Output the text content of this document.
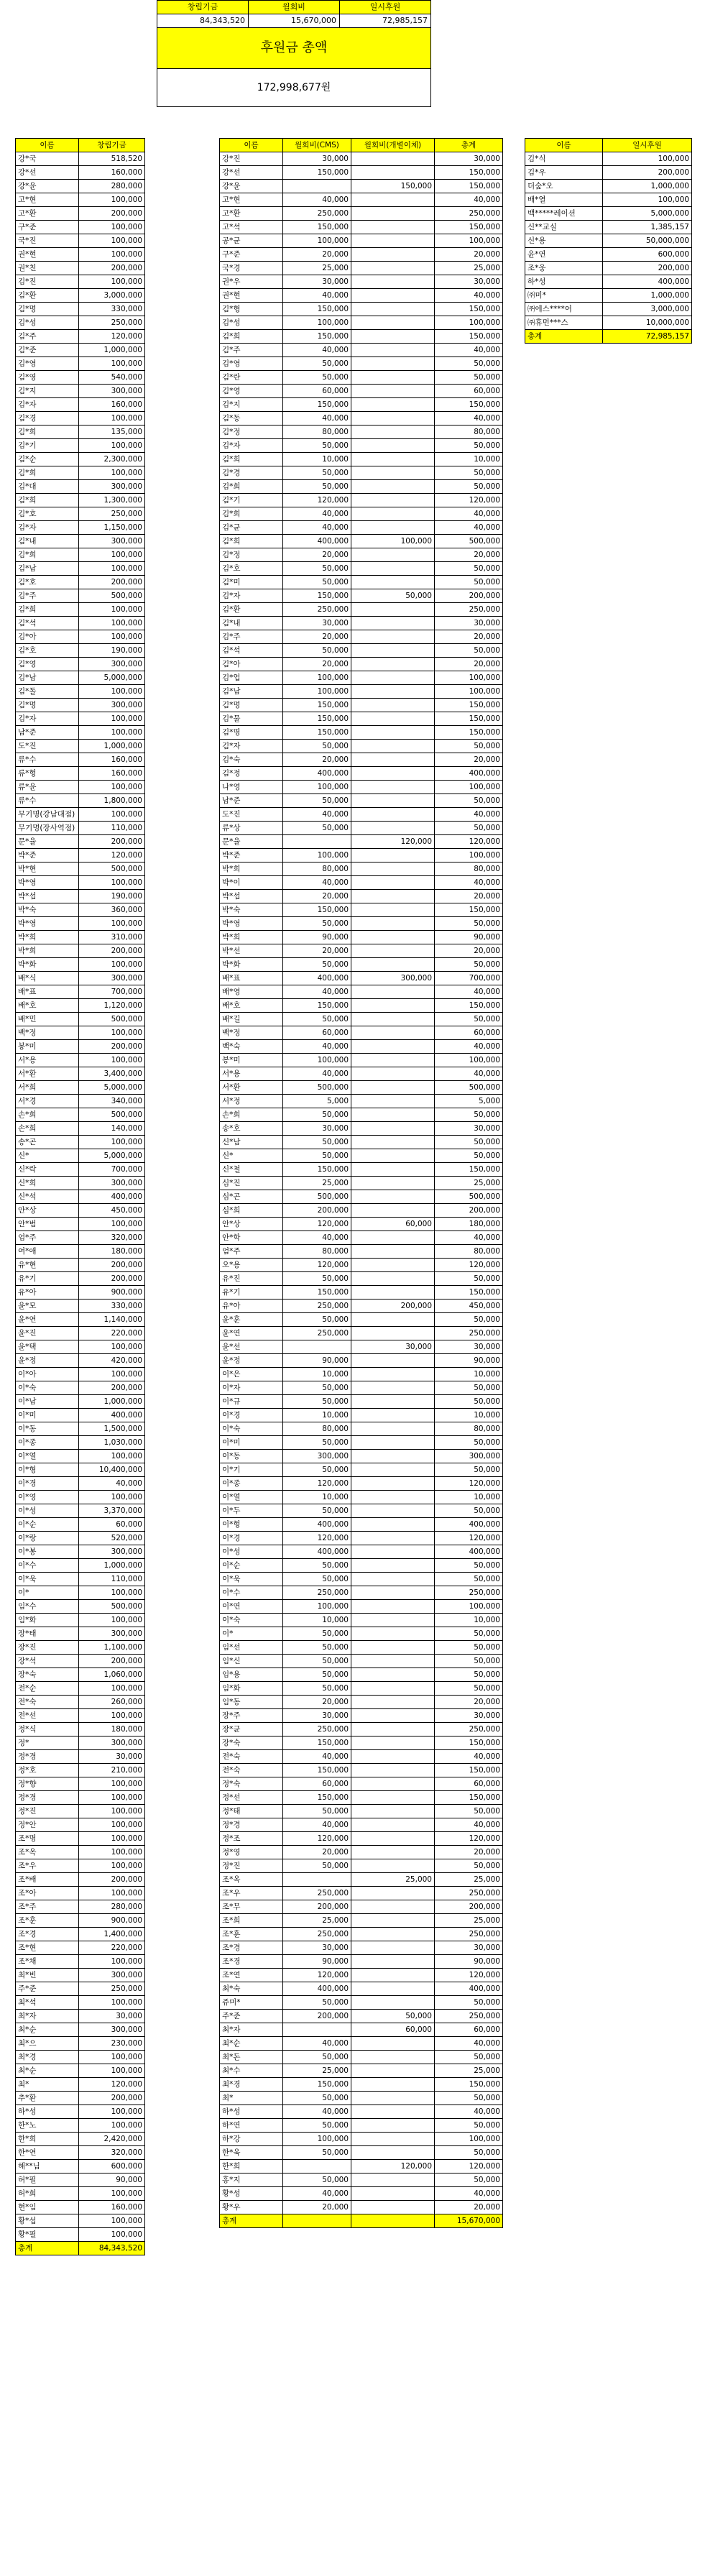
창립기금	월회비	일시후원
84,343,520	15,670,000	72,985,157
후원금 총액		
172,998,677원		
이름	창립기금
강*국	518,520
강*선	160,000
강*윤	280,000
고*현	100,000
고*환	200,000
구*준	100,000
국*진	100,000
권*현	100,000
권*친	200,000
김*진	100,000
김*환	3,000,000
김*명	330,000
김*성	250,000
김*주	120,000
김*준	1,000,000
김*영	100,000
김*영	540,000
김*지	300,000
김*자	160,000
김*경	100,000
김*희	135,000
김*기	100,000
김*순	2,300,000
김*희	100,000
김*대	300,000
김*희	1,300,000
김*호	250,000
김*자	1,150,000
김*내	300,000
김*희	100,000
김*남	100,000
김*호	200,000
김*주	500,000
김*희	100,000
김*석	100,000
김*아	100,000
김*호	190,000
김*영	300,000
김*남	5,000,000
김*돌	100,000
김*명	300,000
김*자	100,000
남*준	100,000
도*진	1,000,000
류*수	160,000
류*형	160,000
류*윤	100,000
류*수	1,800,000
무기명(강남대점)	100,000
무기명(장사역점)	110,000
문*율	200,000
박*준	120,000
박*현	500,000
박*영	100,000
박*섭	190,000
박*숙	360,000
박*영	100,000
박*희	310,000
박*희	200,000
박*화	100,000
배*식	300,000
배*표	700,000
배*호	1,120,000
배*민	500,000
백*정	100,000
봉*미	200,000
서*용	100,000
서*환	3,400,000
서*희	5,000,000
서*경	340,000
손*희	500,000
손*희	140,000
송*곤	100,000
신*	5,000,000
신*락	700,000
신*희	300,000
신*석	400,000
안*상	450,000
안*범	100,000
엄*주	320,000
여*애	180,000
유*현	200,000
유*기	200,000
유*아	900,000
윤*모	330,000
윤*연	1,140,000
윤*진	220,000
윤*택	100,000
윤*정	420,000
이*아	100,000
이*숙	200,000
이*남	1,000,000
이*미	400,000
이*동	1,500,000
이*종	1,030,000
이*열	100,000
이*형	10,400,000
이*경	40,000
이*영	100,000
이*성	3,370,000
이*순	60,000
이*랑	520,000
이*봉	300,000
이*수	1,000,000
이*욱	110,000
이*	100,000
임*수	500,000
임*화	100,000
장*태	300,000
장*진	1,100,000
장*석	200,000
장*숙	1,060,000
전*순	100,000
전*숙	260,000
전*선	100,000
정*식	180,000
정*	300,000
정*경	30,000
정*호	210,000
정*향	100,000
정*경	100,000
정*진	100,000
정*안	100,000
조*명	100,000
조*옥	100,000
조*우	100,000
조*배	200,000
조*아	100,000
조*주	280,000
조*훈	900,000
조*경	1,400,000
조*현	220,000
조*채	100,000
최*빈	300,000
주*준	250,000
최*석	100,000
최*자	30,000
최*순	300,000
최*으	230,000
최*경	100,000
최*순	100,000
최*	120,000
추*환	200,000
하*성	100,000
한*노	100,000
한*희	2,420,000
한*연	320,000
해**님	600,000
허*필	90,000
허*희	100,000
현*임	160,000
황*섭	100,000
황*필	100,000
총계	84,343,520
이름	월회비(CMS)	월회비(개별이체)	총계
강*진	30,000		30,000
강*선	150,000		150,000
강*윤		150,000	150,000
고*현	40,000		40,000
고*환	250,000		250,000
고*석	150,000		150,000
공*균	100,000		100,000
구*준	20,000		20,000
국*경	25,000		25,000
권*우	30,000		30,000
권*현	40,000		40,000
김*형	150,000		150,000
김*성	100,000		100,000
김*희	150,000		150,000
김*주	40,000		40,000
김*영	50,000		50,000
김*란	50,000		50,000
김*영	60,000		60,000
김*지	150,000		150,000
김*동	40,000		40,000
김*정	80,000		80,000
김*자	50,000		50,000
김*희	10,000		10,000
김*경	50,000		50,000
김*희	50,000		50,000
김*기	120,000		120,000
김*희	40,000		40,000
김*균	40,000		40,000
김*희	400,000	100,000	500,000
김*정	20,000		20,000
김*호	50,000		50,000
김*미	50,000		50,000
김*자	150,000	50,000	200,000
김*환	250,000		250,000
김*내	30,000		30,000
김*주	20,000		20,000
김*석	50,000		50,000
김*아	20,000		20,000
김*업	100,000		100,000
김*남	100,000		100,000
김*명	150,000		150,000
김*물	150,000		150,000
김*명	150,000		150,000
김*자	50,000		50,000
김*숙	20,000		20,000
김*정	400,000		400,000
나*영	100,000		100,000
남*준	50,000		50,000
도*진	40,000		40,000
류*상	50,000		50,000
문*율		120,000	120,000
박*준	100,000		100,000
박*희	80,000		80,000
박*이	40,000		40,000
박*섭	20,000		20,000
박*숙	150,000		150,000
박*영	50,000		50,000
박*희	90,000		90,000
박*선	20,000		20,000
박*화	50,000		50,000
배*표	400,000	300,000	700,000
배*영	40,000		40,000
배*호	150,000		150,000
배*길	50,000		50,000
백*정	60,000		60,000
백*숙	40,000		40,000
봉*미	100,000		100,000
서*용	40,000		40,000
서*환	500,000		500,000
서*정	5,000		5,000
손*희	50,000		50,000
송*호	30,000		30,000
신*남	50,000		50,000
신*	50,000		50,000
신*철	150,000		150,000
심*진	25,000		25,000
심*곤	500,000		500,000
심*희	200,000		200,000
안*상	120,000	60,000	180,000
안*학	40,000		40,000
엄*주	80,000		80,000
오*용	120,000		120,000
유*진	50,000		50,000
유*기	150,000		150,000
유*아	250,000	200,000	450,000
윤*훈	50,000		50,000
윤*연	250,000		250,000
윤*선		30,000	30,000
윤*정	90,000		90,000
이*은	10,000		10,000
이*자	50,000		50,000
이*규	50,000		50,000
이*경	10,000		10,000
이*숙	80,000		80,000
이*미	50,000		50,000
이*동	300,000		300,000
이*기	50,000		50,000
이*종	120,000		120,000
이*열	10,000		10,000
이*두	50,000		50,000
이*형	400,000		400,000
이*경	120,000		120,000
이*성	400,000		400,000
이*순	50,000		50,000
이*욱	50,000		50,000
이*수	250,000		250,000
이*연	100,000		100,000
이*숙	10,000		10,000
이*	50,000		50,000
임*선	50,000		50,000
임*신	50,000		50,000
임*용	50,000		50,000
임*화	50,000		50,000
임*동	20,000		20,000
장*주	30,000		30,000
장*균	250,000		250,000
장*숙	150,000		150,000
전*숙	40,000		40,000
전*숙	150,000		150,000
정*숙	60,000		60,000
정*선	150,000		150,000
정*태	50,000		50,000
정*경	40,000		40,000
정*조	120,000		120,000
정*영	20,000		20,000
정*진	50,000		50,000
조*옥		25,000	25,000
조*우	250,000		250,000
조*무	200,000		200,000
조*희	25,000		25,000
조*훈	250,000		250,000
조*경	30,000		30,000
조*경	90,000		90,000
조*연	120,000		120,000
최*숙	400,000		400,000
쥬미*	50,000		50,000
주*준	200,000	50,000	250,000
최*자		60,000	60,000
최*순	40,000		40,000
최*돈	50,000		50,000
최*수	25,000		25,000
최*경	150,000		150,000
최*	50,000		50,000
하*성	40,000		40,000
하*연	50,000		50,000
하*강	100,000		100,000
한*욱	50,000		50,000
한*희		120,000	120,000
홍*지	50,000		50,000
황*성	40,000		40,000
황*우	20,000		20,000
총계			15,670,000
이름	일시후원
김*식	100,000
김*우	200,000
더숲*오	1,000,000
배*열	100,000
백*****레이션	5,000,000
신**교실	1,385,157
신*용	50,000,000
윤*연	600,000
조*웅	200,000
하*성	400,000
㈜미*	1,000,000
㈜에스****어	3,000,000
㈜휴먼***스	10,000,000
총계	72,985,157
